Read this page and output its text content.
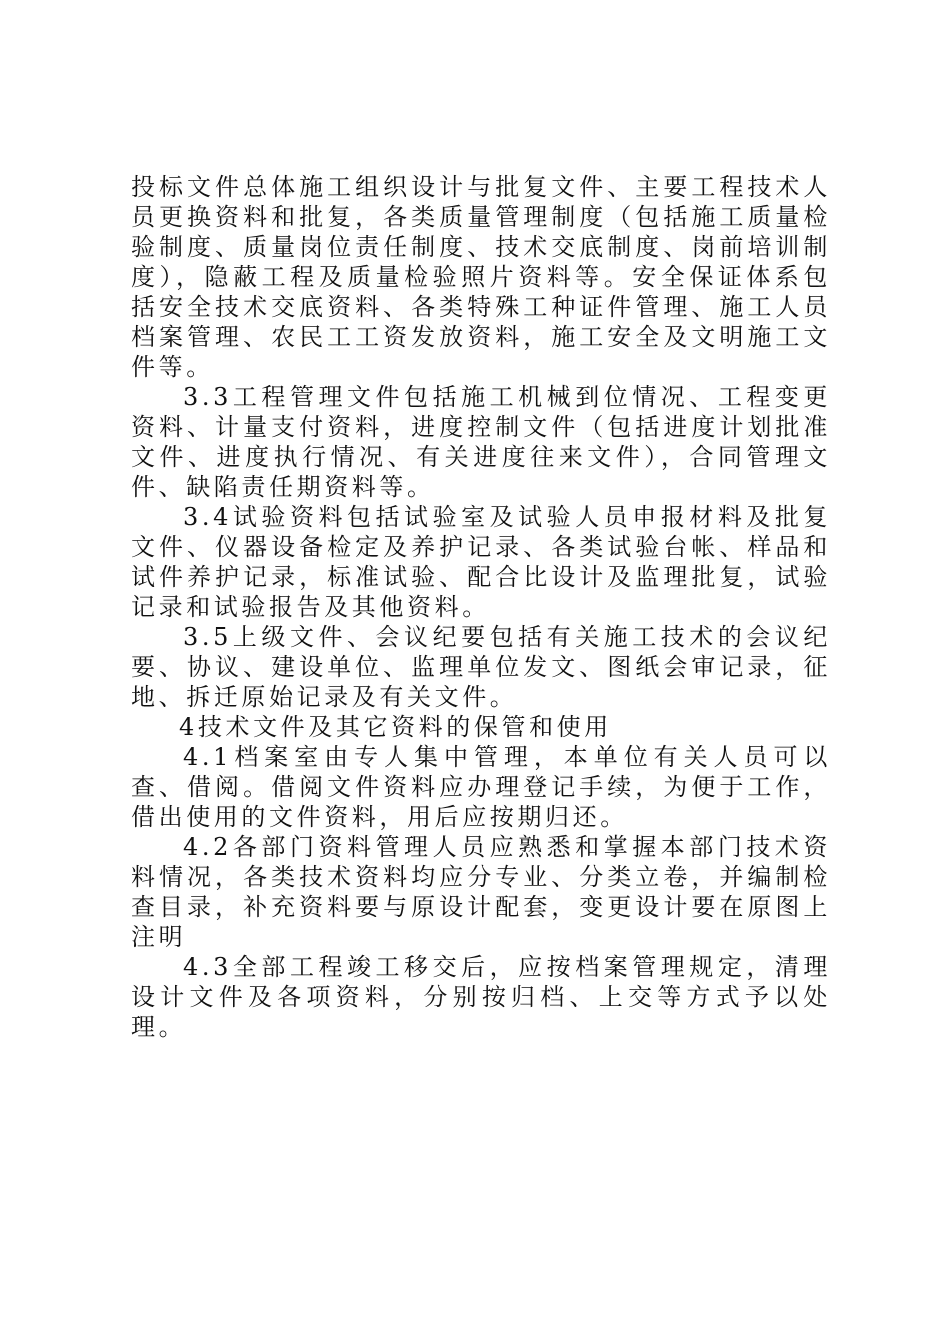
投标文件总体施工组织设计与批复文件、主要工程技术人员更换资料和批复，各类质量管理制度（包括施工质量检验制度、质量岗位责任制度、技术交底制度、岗前培训制度），隐蔽工程及质量检验照片资料等。安全保证体系包括安全技术交底资料、各类特殊工种证件管理、施工人员档案管理、农民工工资发放资料，施工安全及文明施工文件等。

3.3工程管理文件包括施工机械到位情况、工程变更资料、计量支付资料，进度控制文件（包括进度计划批准文件、进度执行情况、有关进度往来文件），合同管理文件、缺陷责任期资料等。

3.4试验资料包括试验室及试验人员申报材料及批复文件、仪器设备检定及养护记录、各类试验台帐、样品和试件养护记录，标准试验、配合比设计及监理批复，试验记录和试验报告及其他资料。

3.5上级文件、会议纪要包括有关施工技术的会议纪要、协议、建设单位、监理单位发文、图纸会审记录，征地、拆迁原始记录及有关文件。

4技术文件及其它资料的保管和使用

4.1档案室由专人集中管理，本单位有关人员可以查、借阅。借阅文件资料应办理登记手续，为便于工作，借出使用的文件资料，用后应按期归还。

4.2各部门资料管理人员应熟悉和掌握本部门技术资料情况，各类技术资料均应分专业、分类立卷，并编制检查目录，补充资料要与原设计配套，变更设计要在原图上注明

4.3全部工程竣工移交后，应按档案管理规定，清理设计文件及各项资料，分别按归档、上交等方式予以处理。
